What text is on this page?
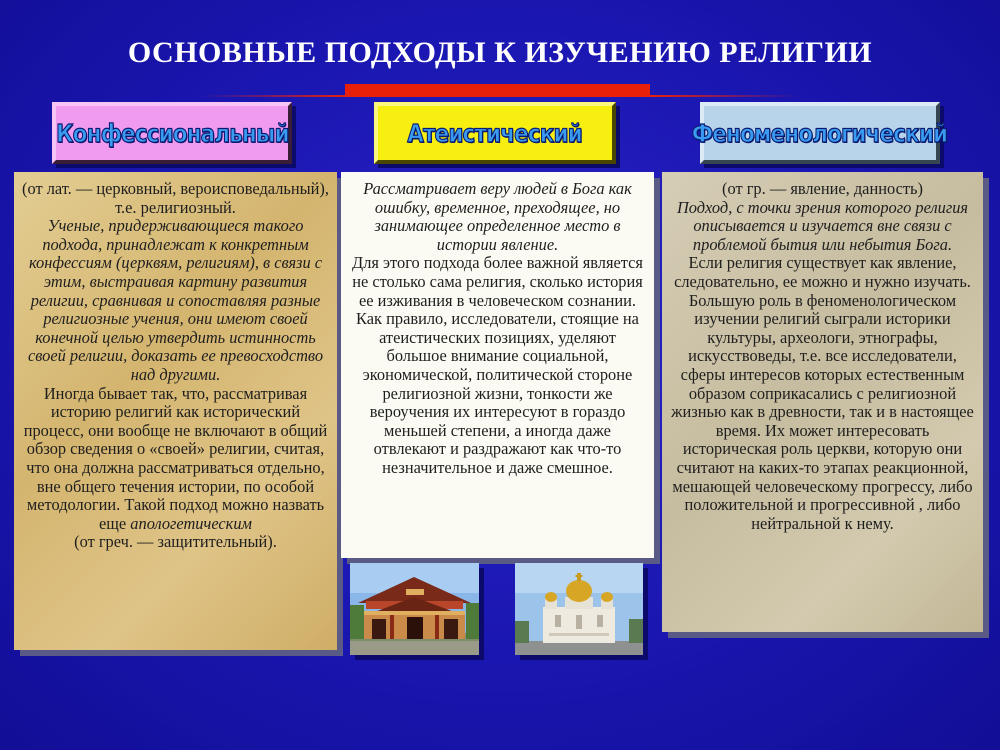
ОСНОВНЫЕ ПОДХОДЫ К ИЗУЧЕНИЮ РЕЛИГИИ
Конфессиональный	Атеистический	Феноменологический

(от лат. — церковный, вероисповедальный), т.е. религиозный.

Ученые, придерживающиеся такого подхода, принадлежат к конкретным конфессиям (церквям, религиям), в связи с этим, выстраивая картину развития религии, сравнивая и сопоставляя разные религиозные учения, они имеют своей конечной целью утвердить истинность своей религии, доказать ее превосходство над другими.

Иногда бывает так, что, рассматривая историю религий как исторический процесс, они вообще не включают в общий обзор сведения о «своей» религии, считая, что она должна рассматриваться отдельно, вне общего течения истории, по особой методологии. Такой подход можно назвать еще апологетическим

(от греч. — защитительный).

Рассматривает веру людей в Бога как ошибку, временное, преходящее, но занимающее определенное место в истории явление.

Для этого подхода более важной является не столько сама религия, сколько история ее изживания в человеческом сознании.

Как правило, исследователи, стоящие на атеистических позициях, уделяют большое внимание социальной, экономической, политической стороне религиозной жизни, тонкости же вероучения их интересуют в гораздо меньшей степени, а иногда даже отвлекают и раздражают как что-то незначительное и даже смешное.

(от гр. — явление, данность)

Подход, с точки зрения которого религия описывается и изучается вне связи с проблемой бытия или небытия Бога.

Если религия существует как явление, следовательно, ее можно и нужно изучать. Большую роль в феноменологическом изучении религий сыграли историки культуры, археологи, этнографы, искусствоведы, т.е. все исследователи, сферы интересов которых естественным образом соприкасались с религиозной жизнью как в древности, так и в настоящее время. Их может интересовать историческая роль церкви, которую они считают на каких-то этапах реакционной, мешающей человеческому прогрессу, либо положительной и прогрессивной , либо нейтральной к нему.
